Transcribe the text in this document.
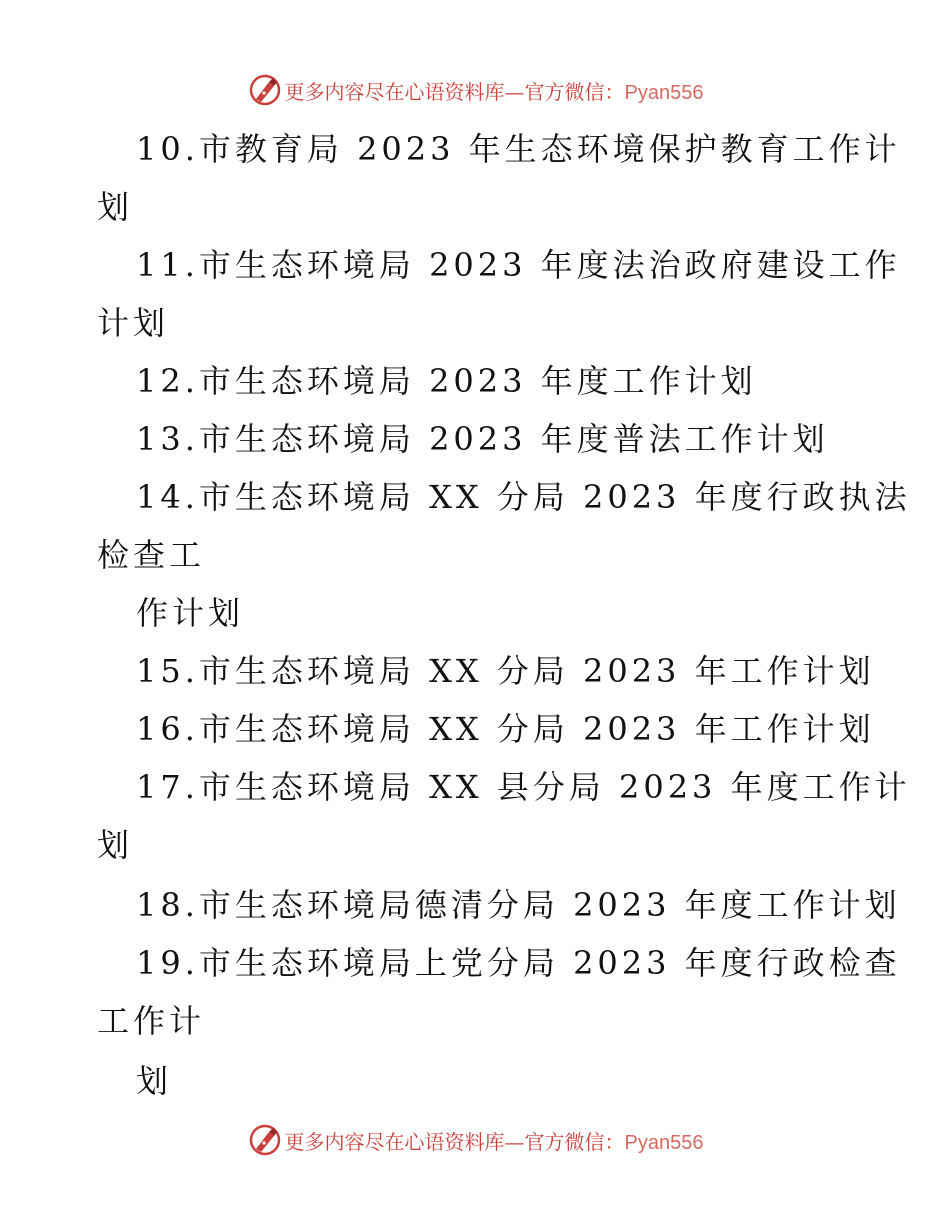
更多内容尽在心语资料库—官方微信：Pyan556
10.市教育局 2023 年生态环境保护教育工作计
划
11.市生态环境局 2023 年度法治政府建设工作
计划
12.市生态环境局 2023 年度工作计划
13.市生态环境局 2023 年度普法工作计划
14.市生态环境局 XX 分局 2023 年度行政执法
检查工
作计划
15.市生态环境局 XX 分局 2023 年工作计划
16.市生态环境局 XX 分局 2023 年工作计划
17.市生态环境局 XX 县分局 2023 年度工作计
划
18.市生态环境局德清分局 2023 年度工作计划
19.市生态环境局上党分局 2023 年度行政检查
工作计
划
更多内容尽在心语资料库—官方微信：Pyan556
